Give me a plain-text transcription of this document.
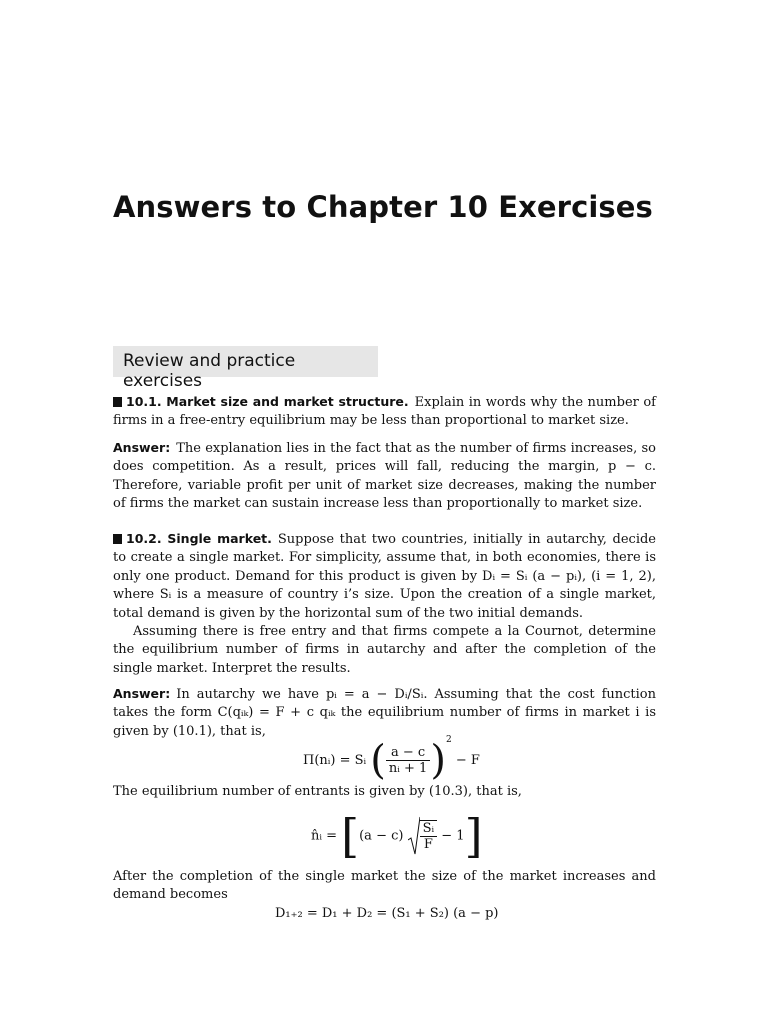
Answers to Chapter 10 Exercises
Review and practice exercises

10.1. Market size and market structure. Explain in words why the number of firms in a free-entry equilibrium may be less than proportional to market size.

Answer: The explanation lies in the fact that as the number of firms increases, so does competition. As a result, prices will fall, reducing the margin, p − c. Therefore, variable profit per unit of market size decreases, making the number of firms the market can sustain increase less than proportionally to market size.

10.2. Single market. Suppose that two countries, initially in autarchy, decide to create a single market. For simplicity, assume that, in both economies, there is only one product. Demand for this product is given by Dᵢ = Sᵢ (a − pᵢ), (i = 1, 2), where Sᵢ is a measure of country i’s size. Upon the creation of a single market, total demand is given by the horizontal sum of the two initial demands.

Assuming there is free entry and that firms compete a la Cournot, determine the equilibrium number of firms in autarchy and after the completion of the single market. Interpret the results.

Answer: In autarchy we have pᵢ = a − Dᵢ/Sᵢ. Assuming that the cost function takes the form C(qᵢₖ) = F + c qᵢₖ the equilibrium number of firms in market i is given by (10.1), that is,

Π(nᵢ) = Sᵢ ( $\frac{a - c}{\text{nᵢ + 1}} )^2 - F$

The equilibrium number of entrants is given by (10.3), that is,

n̂ᵢ = $[(a - c) \frac{\text{Sᵢ}}{F} - 1]$

After the completion of the single market the size of the market increases and demand becomes

D₁₊₂ = D₁ + D₂ = (S₁ + S₂) (a − p)
